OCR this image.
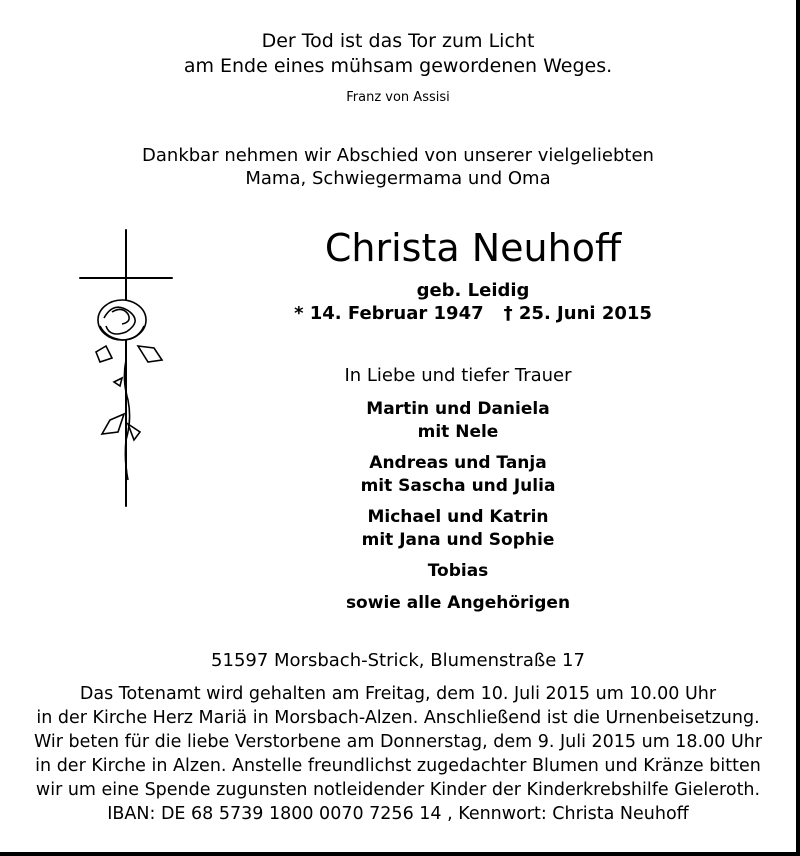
Der Tod ist das Tor zum Licht
am Ende eines mühsam gewordenen Weges.
Franz von Assisi
Dankbar nehmen wir Abschied von unserer vielgeliebten
Mama, Schwiegermama und Oma
Christa Neuhoff
geb. Leidig
* 14. Februar 1947 † 25. Juni 2015
In Liebe und tiefer Trauer
Martin und Daniela
mit Nele
Andreas und Tanja
mit Sascha und Julia
Michael und Katrin
mit Jana und Sophie
Tobias
sowie alle Angehörigen
51597 Morsbach-Strick, Blumenstraße 17
Das Totenamt wird gehalten am Freitag, dem 10. Juli 2015 um 10.00 Uhr
in der Kirche Herz Mariä in Morsbach-Alzen. Anschließend ist die Urnenbeisetzung.
Wir beten für die liebe Verstorbene am Donnerstag, dem 9. Juli 2015 um 18.00 Uhr
in der Kirche in Alzen. Anstelle freundlichst zugedachter Blumen und Kränze bitten
wir um eine Spende zugunsten notleidender Kinder der Kinderkrebshilfe Gieleroth.
IBAN: DE 68 5739 1800 0070 7256 14 , Kennwort: Christa Neuhoff
